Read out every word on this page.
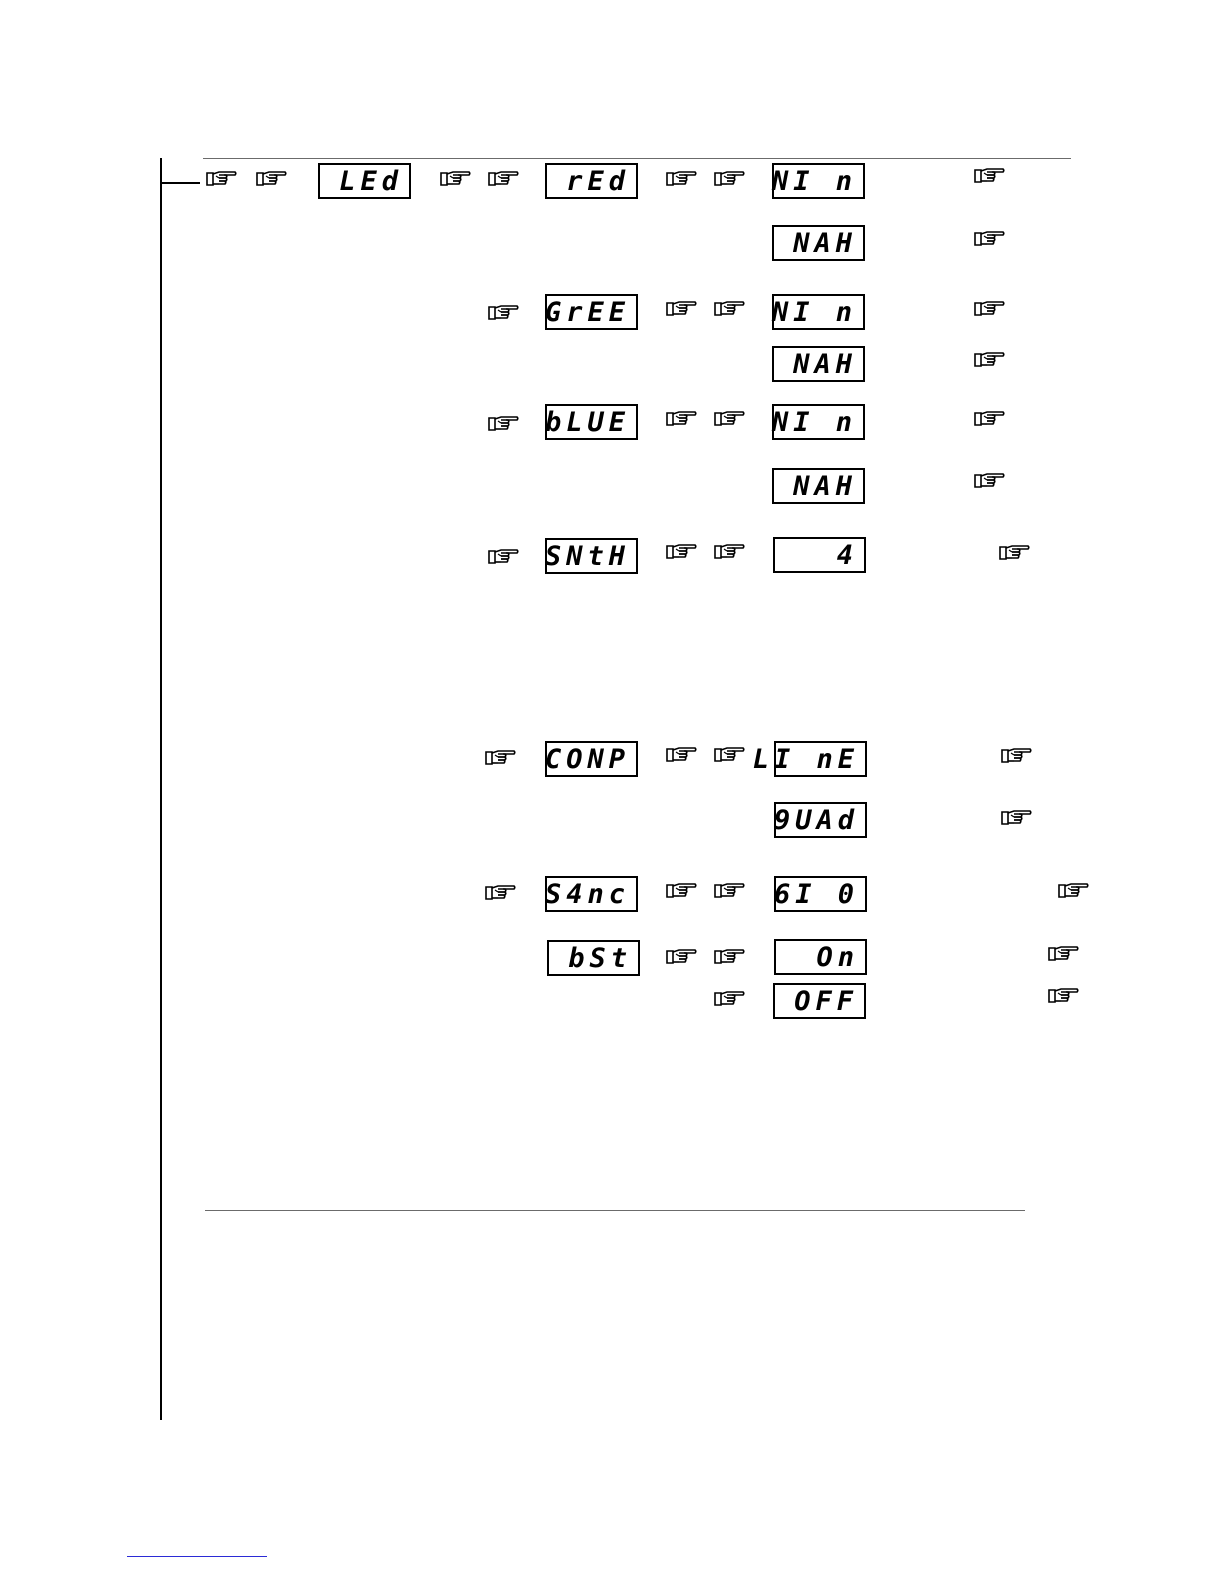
LEd	rEd
GrEE
bLUE
SNtH
CONP
S4nc
bSt
NI n
NAH
NI n
NAH
NI n
NAH
4
LI nE
9UAd
6I 0
On
OFF
